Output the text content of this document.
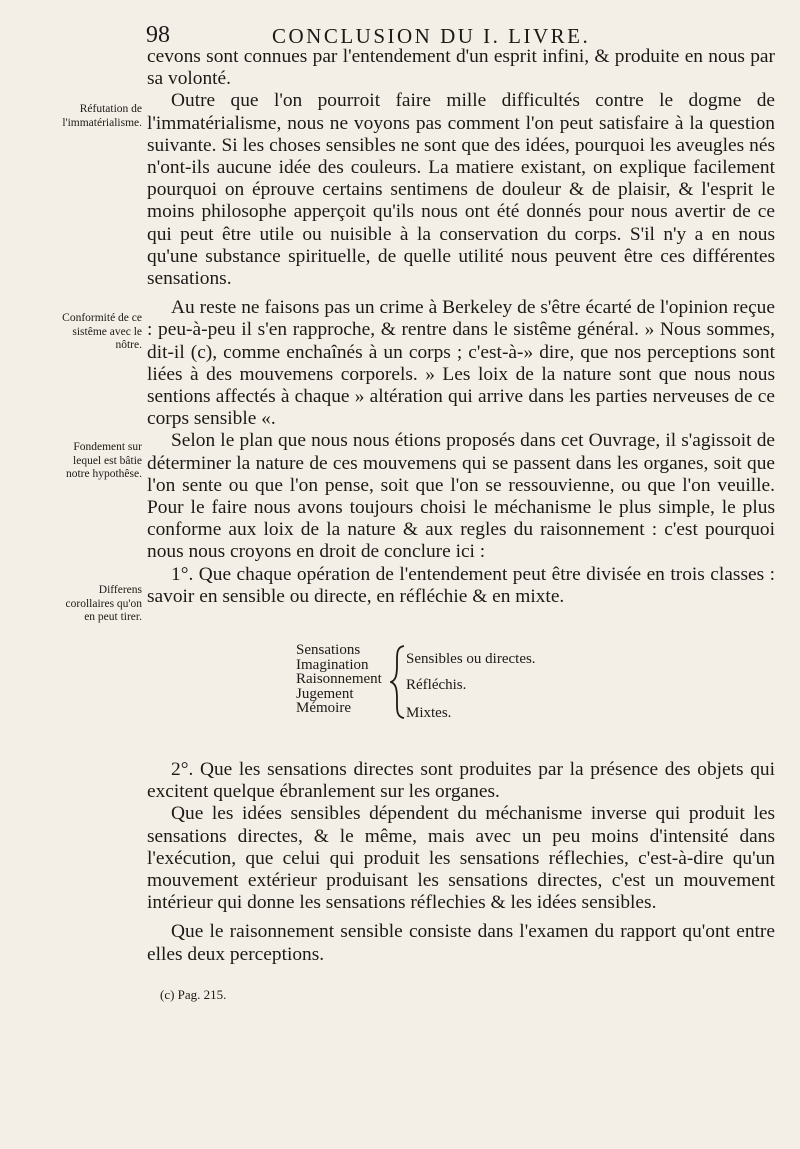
98	CONCLUSION DU I. LIVRE.
Réfutation de l'immatérialisme.
Conformité de ce sistême avec le nôtre.
Fondement sur lequel est bâtie notre hypothêse.
Differens corollaires qu'on en peut tirer.

cevons sont connues par l'entendement d'un esprit infini, & produite en nous par sa volonté.

Outre que l'on pourroit faire mille difficultés contre le dogme de l'immatérialisme, nous ne voyons pas comment l'on peut satisfaire à la question suivante. Si les choses sensibles ne sont que des idées, pourquoi les aveugles nés n'ont-ils aucune idée des couleurs. La matiere existant, on explique facilement pourquoi on éprouve certains sentimens de douleur & de plaisir, & l'esprit le moins philosophe apperçoit qu'ils nous ont été donnés pour nous avertir de ce qui peut être utile ou nuisible à la conservation du corps. S'il n'y a en nous qu'une substance spirituelle, de quelle utilité nous peuvent être ces différentes sensations.

Au reste ne faisons pas un crime à Berkeley de s'être écarté de l'opinion reçue : peu-à-peu il s'en rapproche, & rentre dans le sistême général. » Nous sommes, dit-il (c), comme enchaînés à un corps ; c'est-à-» dire, que nos perceptions sont liées à des mouvemens corporels. » Les loix de la nature sont que nous nous sentions affectés à chaque » altération qui arrive dans les parties nerveuses de ce corps sensible «.

Selon le plan que nous nous étions proposés dans cet Ouvrage, il s'agissoit de déterminer la nature de ces mouvemens qui se passent dans les organes, soit que l'on sente ou que l'on pense, soit que l'on se ressouvienne, ou que l'on veuille. Pour le faire nous avons toujours choisi le méchanisme le plus simple, le plus conforme aux loix de la nature & aux regles du raisonnement : c'est pourquoi nous nous croyons en droit de conclure ici :

1°. Que chaque opération de l'entendement peut être divisée en trois classes : savoir en sensible ou directe, en réfléchie & en mixte.

Sensations
Imagination
Raisonnement
Jugement
Mémoire
Sensibles ou directes.
Réfléchis.
Mixtes.

2°. Que les sensations directes sont produites par la présence des objets qui excitent quelque ébranlement sur les organes.

Que les idées sensibles dépendent du méchanisme inverse qui produit les sensations directes, & le même, mais avec un peu moins d'intensité dans l'exécution, que celui qui produit les sensations réflechies, c'est-à-dire qu'un mouvement extérieur produisant les sensations directes, c'est un mouvement intérieur qui donne les sensations réflechies & les idées sensibles.

Que le raisonnement sensible consiste dans l'examen du rapport qu'ont entre elles deux perceptions.

(c) Pag. 215.
